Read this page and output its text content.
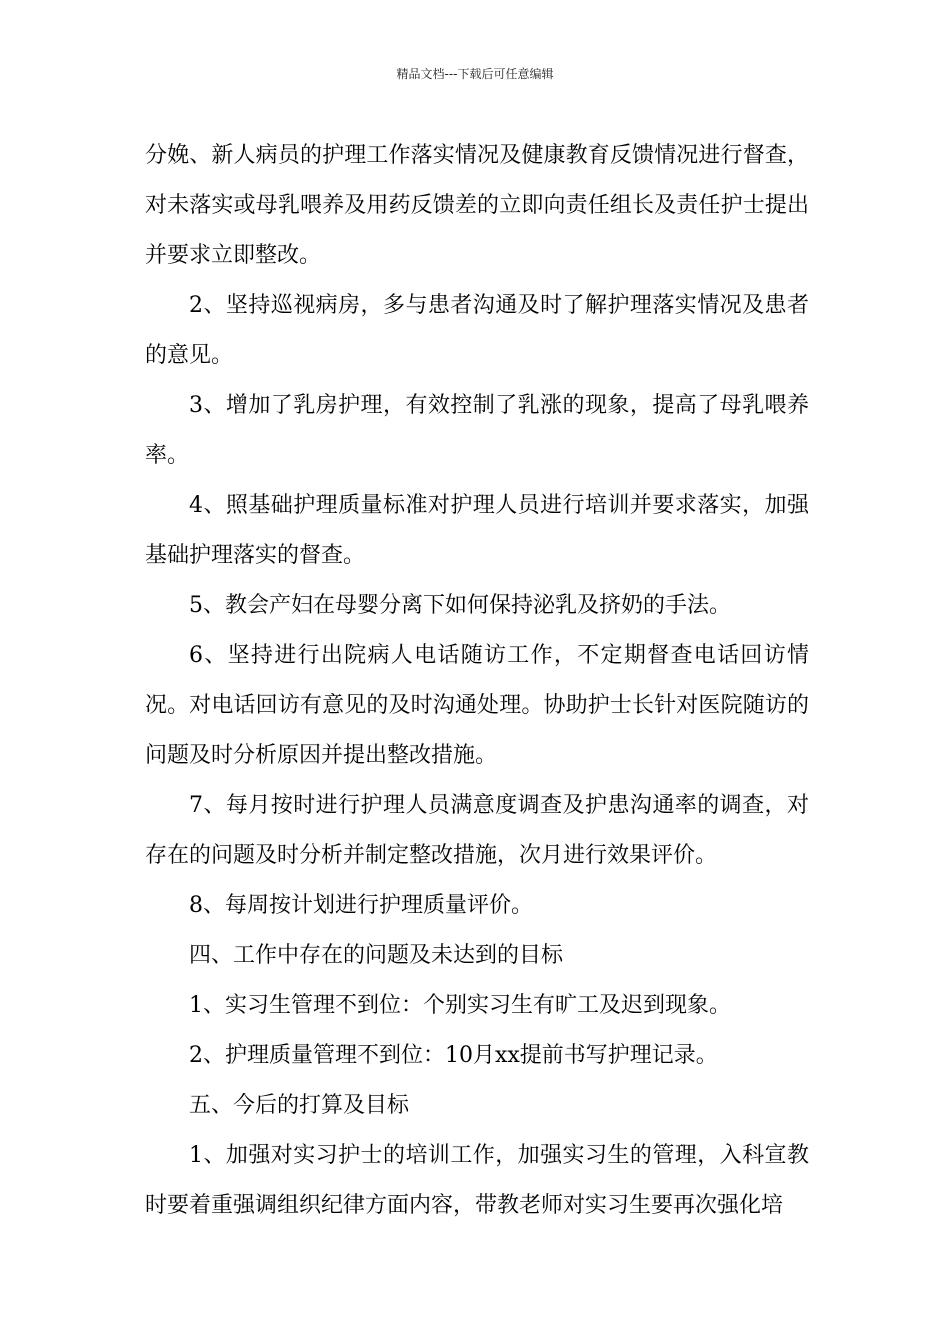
精品文档---下载后可任意编辑

分娩、新人病员的护理工作落实情况及健康教育反馈情况进行督查，对未落实或母乳喂养及用药反馈差的立即向责任组长及责任护士提出并要求立即整改。

2、坚持巡视病房，多与患者沟通及时了解护理落实情况及患者的意见。

3、增加了乳房护理，有效控制了乳涨的现象，提高了母乳喂养率。

4、照基础护理质量标准对护理人员进行培训并要求落实，加强基础护理落实的督查。

5、教会产妇在母婴分离下如何保持泌乳及挤奶的手法。

6、坚持进行出院病人电话随访工作，不定期督查电话回访情况。对电话回访有意见的及时沟通处理。协助护士长针对医院随访的问题及时分析原因并提出整改措施。

7、每月按时进行护理人员满意度调查及护患沟通率的调查，对存在的问题及时分析并制定整改措施，次月进行效果评价。

8、每周按计划进行护理质量评价。

四、工作中存在的问题及未达到的目标

1、实习生管理不到位：个别实习生有旷工及迟到现象。

2、护理质量管理不到位：10月xx提前书写护理记录。

五、今后的打算及目标

1、加强对实习护士的培训工作，加强实习生的管理，入科宣教时要着重强调组织纪律方面内容，带教老师对实习生要再次强化培
